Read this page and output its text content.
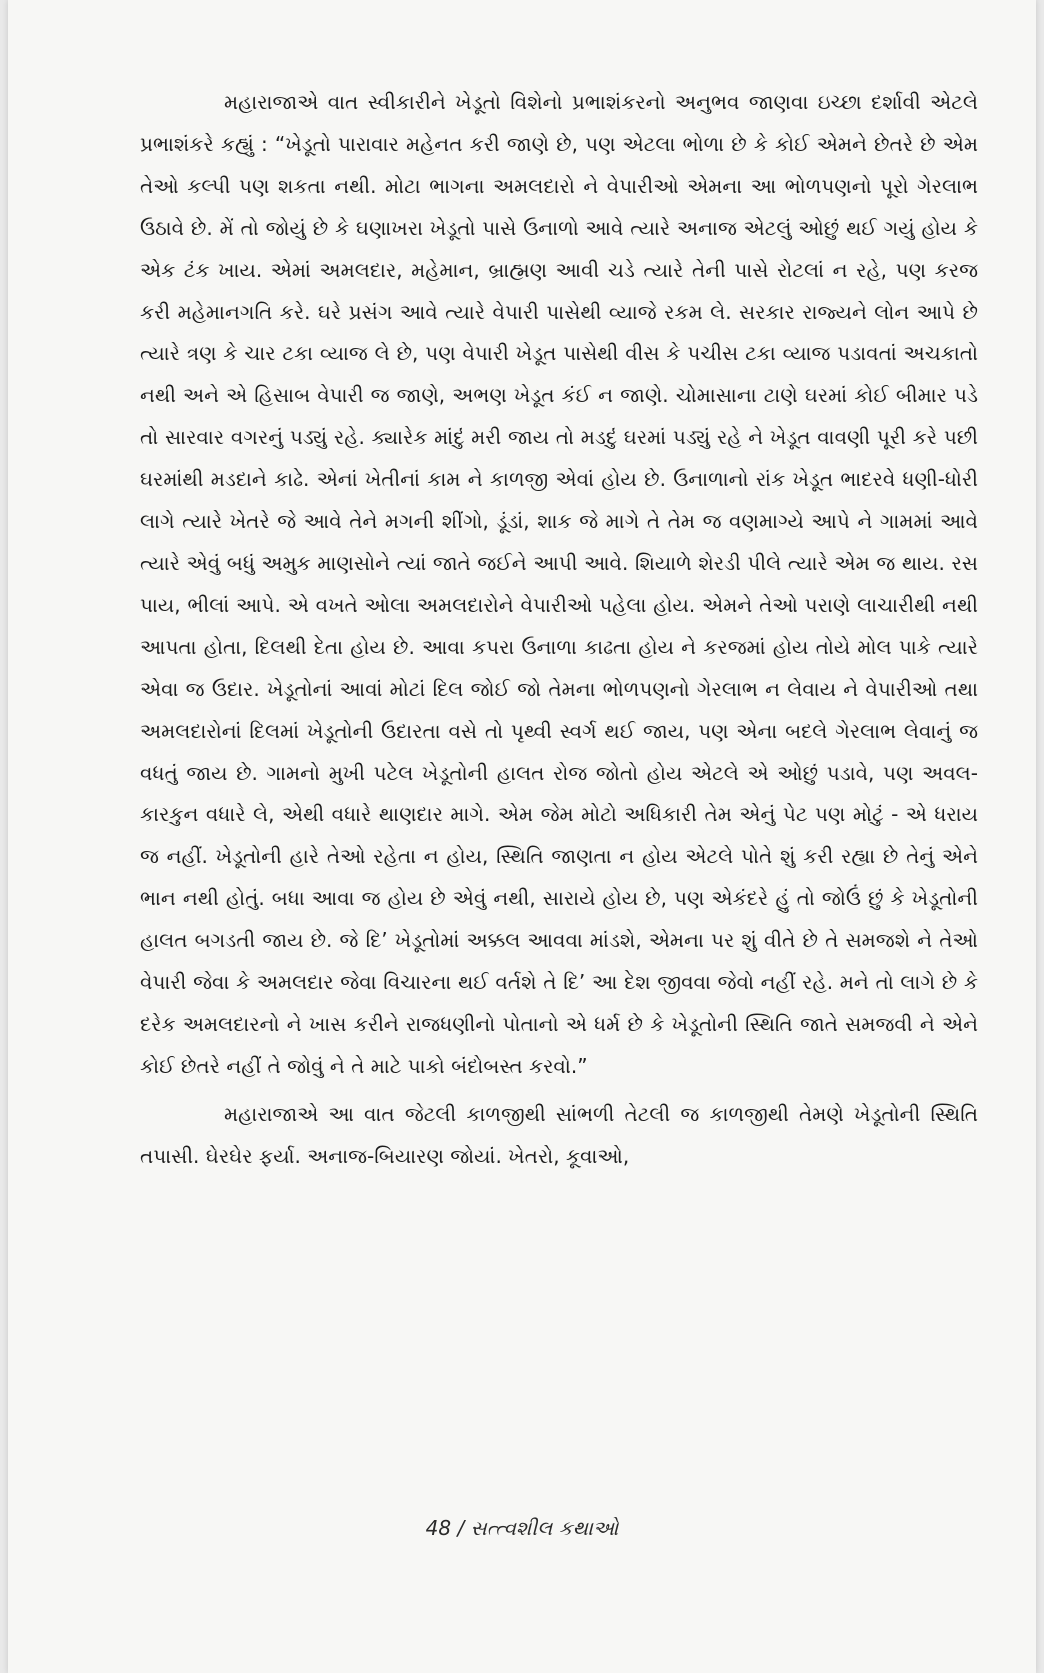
મહારાજાએ વાત સ્વીકારીને ખેડૂતો વિશેનો પ્રભાશંકરનો અનુભવ જાણવા ઇચ્છા દર્શાવી એટલે પ્રભાશંકરે કહ્યું : “ખેડૂતો પારાવાર મહેનત કરી જાણે છે, પણ એટલા ભોળા છે કે કોઈ એમને છેતરે છે એમ તેઓ કલ્પી પણ શકતા નથી. મોટા ભાગના અમલદારો ને વેપારીઓ એમના આ ભોળપણનો પૂરો ગેરલાભ ઉઠાવે છે. મેં તો જોયું છે કે ઘણાખરા ખેડૂતો પાસે ઉનાળો આવે ત્યારે અનાજ એટલું ઓછું થઈ ગયું હોય કે એક ટંક ખાય. એમાં અમલદાર, મહેમાન, બ્રાહ્મણ આવી ચડે ત્યારે તેની પાસે રોટલાં ન રહે, પણ કરજ કરી મહેમાનગતિ કરે. ઘરે પ્રસંગ આવે ત્યારે વેપારી પાસેથી વ્યાજે રકમ લે. સરકાર રાજ્યને લોન આપે છે ત્યારે ત્રણ કે ચાર ટકા વ્યાજ લે છે, પણ વેપારી ખેડૂત પાસેથી વીસ કે પચીસ ટકા વ્યાજ પડાવતાં અચકાતો નથી અને એ હિસાબ વેપારી જ જાણે, અભણ ખેડૂત કંઈ ન જાણે. ચોમાસાના ટાણે ઘરમાં કોઈ બીમાર પડે તો સારવાર વગરનું પડ્યું રહે. ક્યારેક માંદું મરી જાય તો મડદું ઘરમાં પડ્યું રહે ને ખેડૂત વાવણી પૂરી કરે પછી ઘરમાંથી મડદાને કાઢે. એનાં ખેતીનાં કામ ને કાળજી એવાં હોય છે. ઉનાળાનો રાંક ખેડૂત ભાદરવે ધણી-ધોરી લાગે ત્યારે ખેતરે જે આવે તેને મગની શીંગો, ડૂંડાં, શાક જે માગે તે તેમ જ વણમાગ્યે આપે ને ગામમાં આવે ત્યારે એવું બધું અમુક માણસોને ત્યાં જાતે જઈને આપી આવે. શિયાળે શેરડી પીલે ત્યારે એમ જ થાય. રસ પાય, ભીલાં આપે. એ વખતે ઓલા અમલદારોને વેપારીઓ પહેલા હોય. એમને તેઓ પરાણે લાચારીથી નથી આપતા હોતા, દિલથી દેતા હોય છે. આવા કપરા ઉનાળા કાઢતા હોય ને કરજમાં હોય તોયે મોલ પાકે ત્યારે એવા જ ઉદાર. ખેડૂતોનાં આવાં મોટાં દિલ જોઈ જો તેમના ભોળપણનો ગેરલાભ ન લેવાય ને વેપારીઓ તથા અમલદારોનાં દિલમાં ખેડૂતોની ઉદારતા વસે તો પૃથ્વી સ્વર્ગ થઈ જાય, પણ એના બદલે ગેરલાભ લેવાનું જ વધતું જાય છે. ગામનો મુખી પટેલ ખેડૂતોની હાલત રોજ જોતો હોય એટલે એ ઓછું પડાવે, પણ અવલ-કારકુન વધારે લે, એથી વધારે થાણદાર માગે. એમ જેમ મોટો અધિકારી તેમ એનું પેટ પણ મોટું - એ ધરાય જ નહીં. ખેડૂતોની હારે તેઓ રહેતા ન હોય, સ્થિતિ જાણતા ન હોય એટલે પોતે શું કરી રહ્યા છે તેનું એને ભાન નથી હોતું. બધા આવા જ હોય છે એવું નથી, સારાયે હોય છે, પણ એકંદરે હું તો જોઉં છું કે ખેડૂતોની હાલત બગડતી જાય છે. જે દિ’ ખેડૂતોમાં અક્કલ આવવા માંડશે, એમના પર શું વીતે છે તે સમજશે ને તેઓ વેપારી જેવા કે અમલદાર જેવા વિચારના થઈ વર્તશે તે દિ’ આ દેશ જીવવા જેવો નહીં રહે. મને તો લાગે છે કે દરેક અમલદારનો ને ખાસ કરીને રાજધણીનો પોતાનો એ ધર્મ છે કે ખેડૂતોની સ્થિતિ જાતે સમજવી ને એને કોઈ છેતરે નહીં તે જોવું ને તે માટે પાકો બંદોબસ્ત કરવો.”

મહારાજાએ આ વાત જેટલી કાળજીથી સાંભળી તેટલી જ કાળજીથી તેમણે ખેડૂતોની સ્થિતિ તપાસી. ઘેરઘેર ફર્યા. અનાજ-બિયારણ જોયાં. ખેતરો, કૂવાઓ,

48 / સત્ત્વશીલ કથાઓ
